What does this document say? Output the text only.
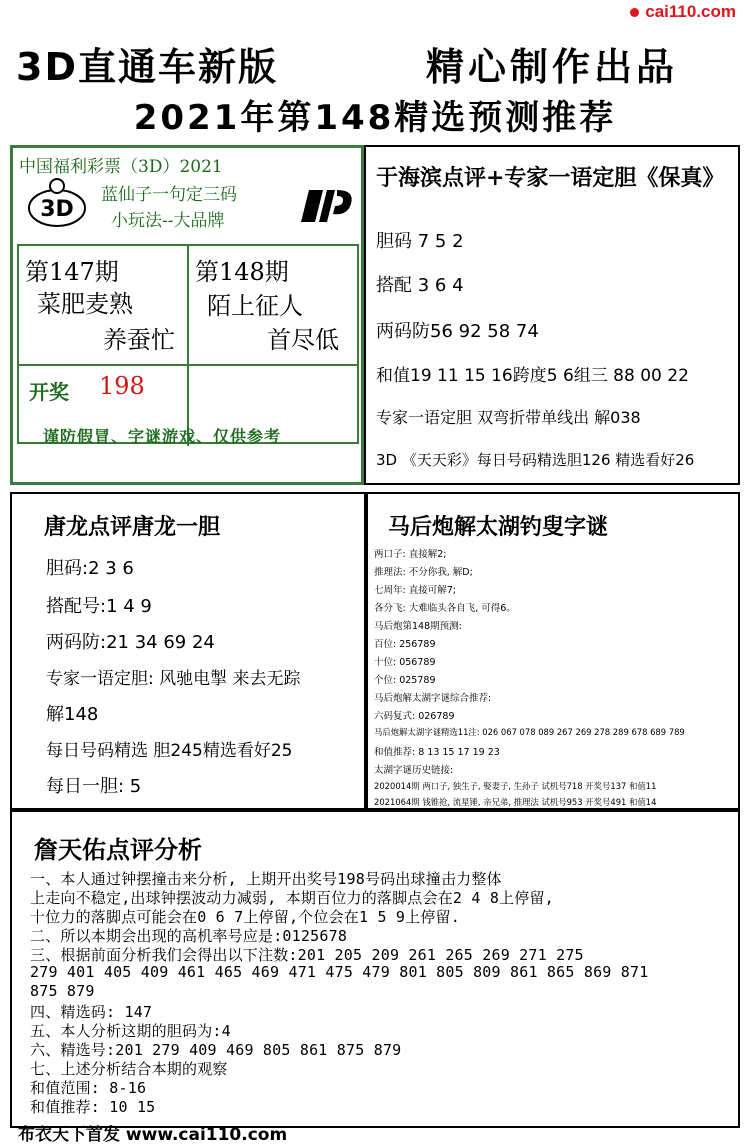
cai110.com
3D直通车新版	精心制作出品
2021年第148精选预测推荐
中国福利彩票（3D）2021
3D
蓝仙子一句定三码
小玩法--大品牌
第147期
菜肥麦熟
养蚕忙
第148期
陌上征人
首尽低
开奖 198
谨防假冒、字谜游戏、仅供参考
于海滨点评+专家一语定胆《保真》
胆码 7 5 2
搭配 3 6 4
两码防56 92 58 74
和值19 11 15 16跨度5 6组三 88 00 22
专家一语定胆 双弯折带单线出 解038
3D 《天天彩》每日号码精选胆126 精选看好26
唐龙点评唐龙一胆
胆码:2 3 6
搭配号:1 4 9
两码防:21 34 69 24
专家一语定胆: 风驰电掣 来去无踪
解148
每日号码精选 胆245精选看好25
每日一胆: 5
马后炮解太湖钓叟字谜
两口子: 直接解2;
推理法: 不分你我, 解D;
七周年: 直接可解7;
各分飞: 大难临头各自飞, 可得6。
马后炮第148期预测:
百位: 256789
十位: 056789
个位: 025789
马后炮解太湖字谜综合推荐:
六码复式: 026789
马后炮解太湖字谜精选11注: 026 067 078 089 267 269 278 289 678 689 789
和值推荐: 8 13 15 17 19 23
太湖字谜历史链接:
2020014期 两口子, 独生子, 娶妻子, 生孙子 试机号718 开奖号137 和值11
2021064期 钱锥抢, 流星锤, 亲兄弟, 推理法 试机号953 开奖号491 和值14
詹天佑点评分析
一、本人通过钟摆撞击来分析, 上期开出奖号198号码出球撞击力整体
上走向不稳定,出球钟摆波动力减弱, 本期百位力的落脚点会在2 4 8上停留,
十位力的落脚点可能会在0 6 7上停留,个位会在1 5 9上停留.
二、所以本期会出现的高机率号应是:0125678
三、根据前面分析我们会得出以下注数:201 205 209 261 265 269 271 275
279 401 405 409 461 465 469 471 475 479 801 805 809 861 865 869 871
875 879
四、精选码: 147
五、本人分析这期的胆码为:4
六、精选号:201 279 409 469 805 861 875 879
七、上述分析结合本期的观察
和值范围: 8-16
和值推荐: 10 15
布衣天下首发 www.cai110.com
